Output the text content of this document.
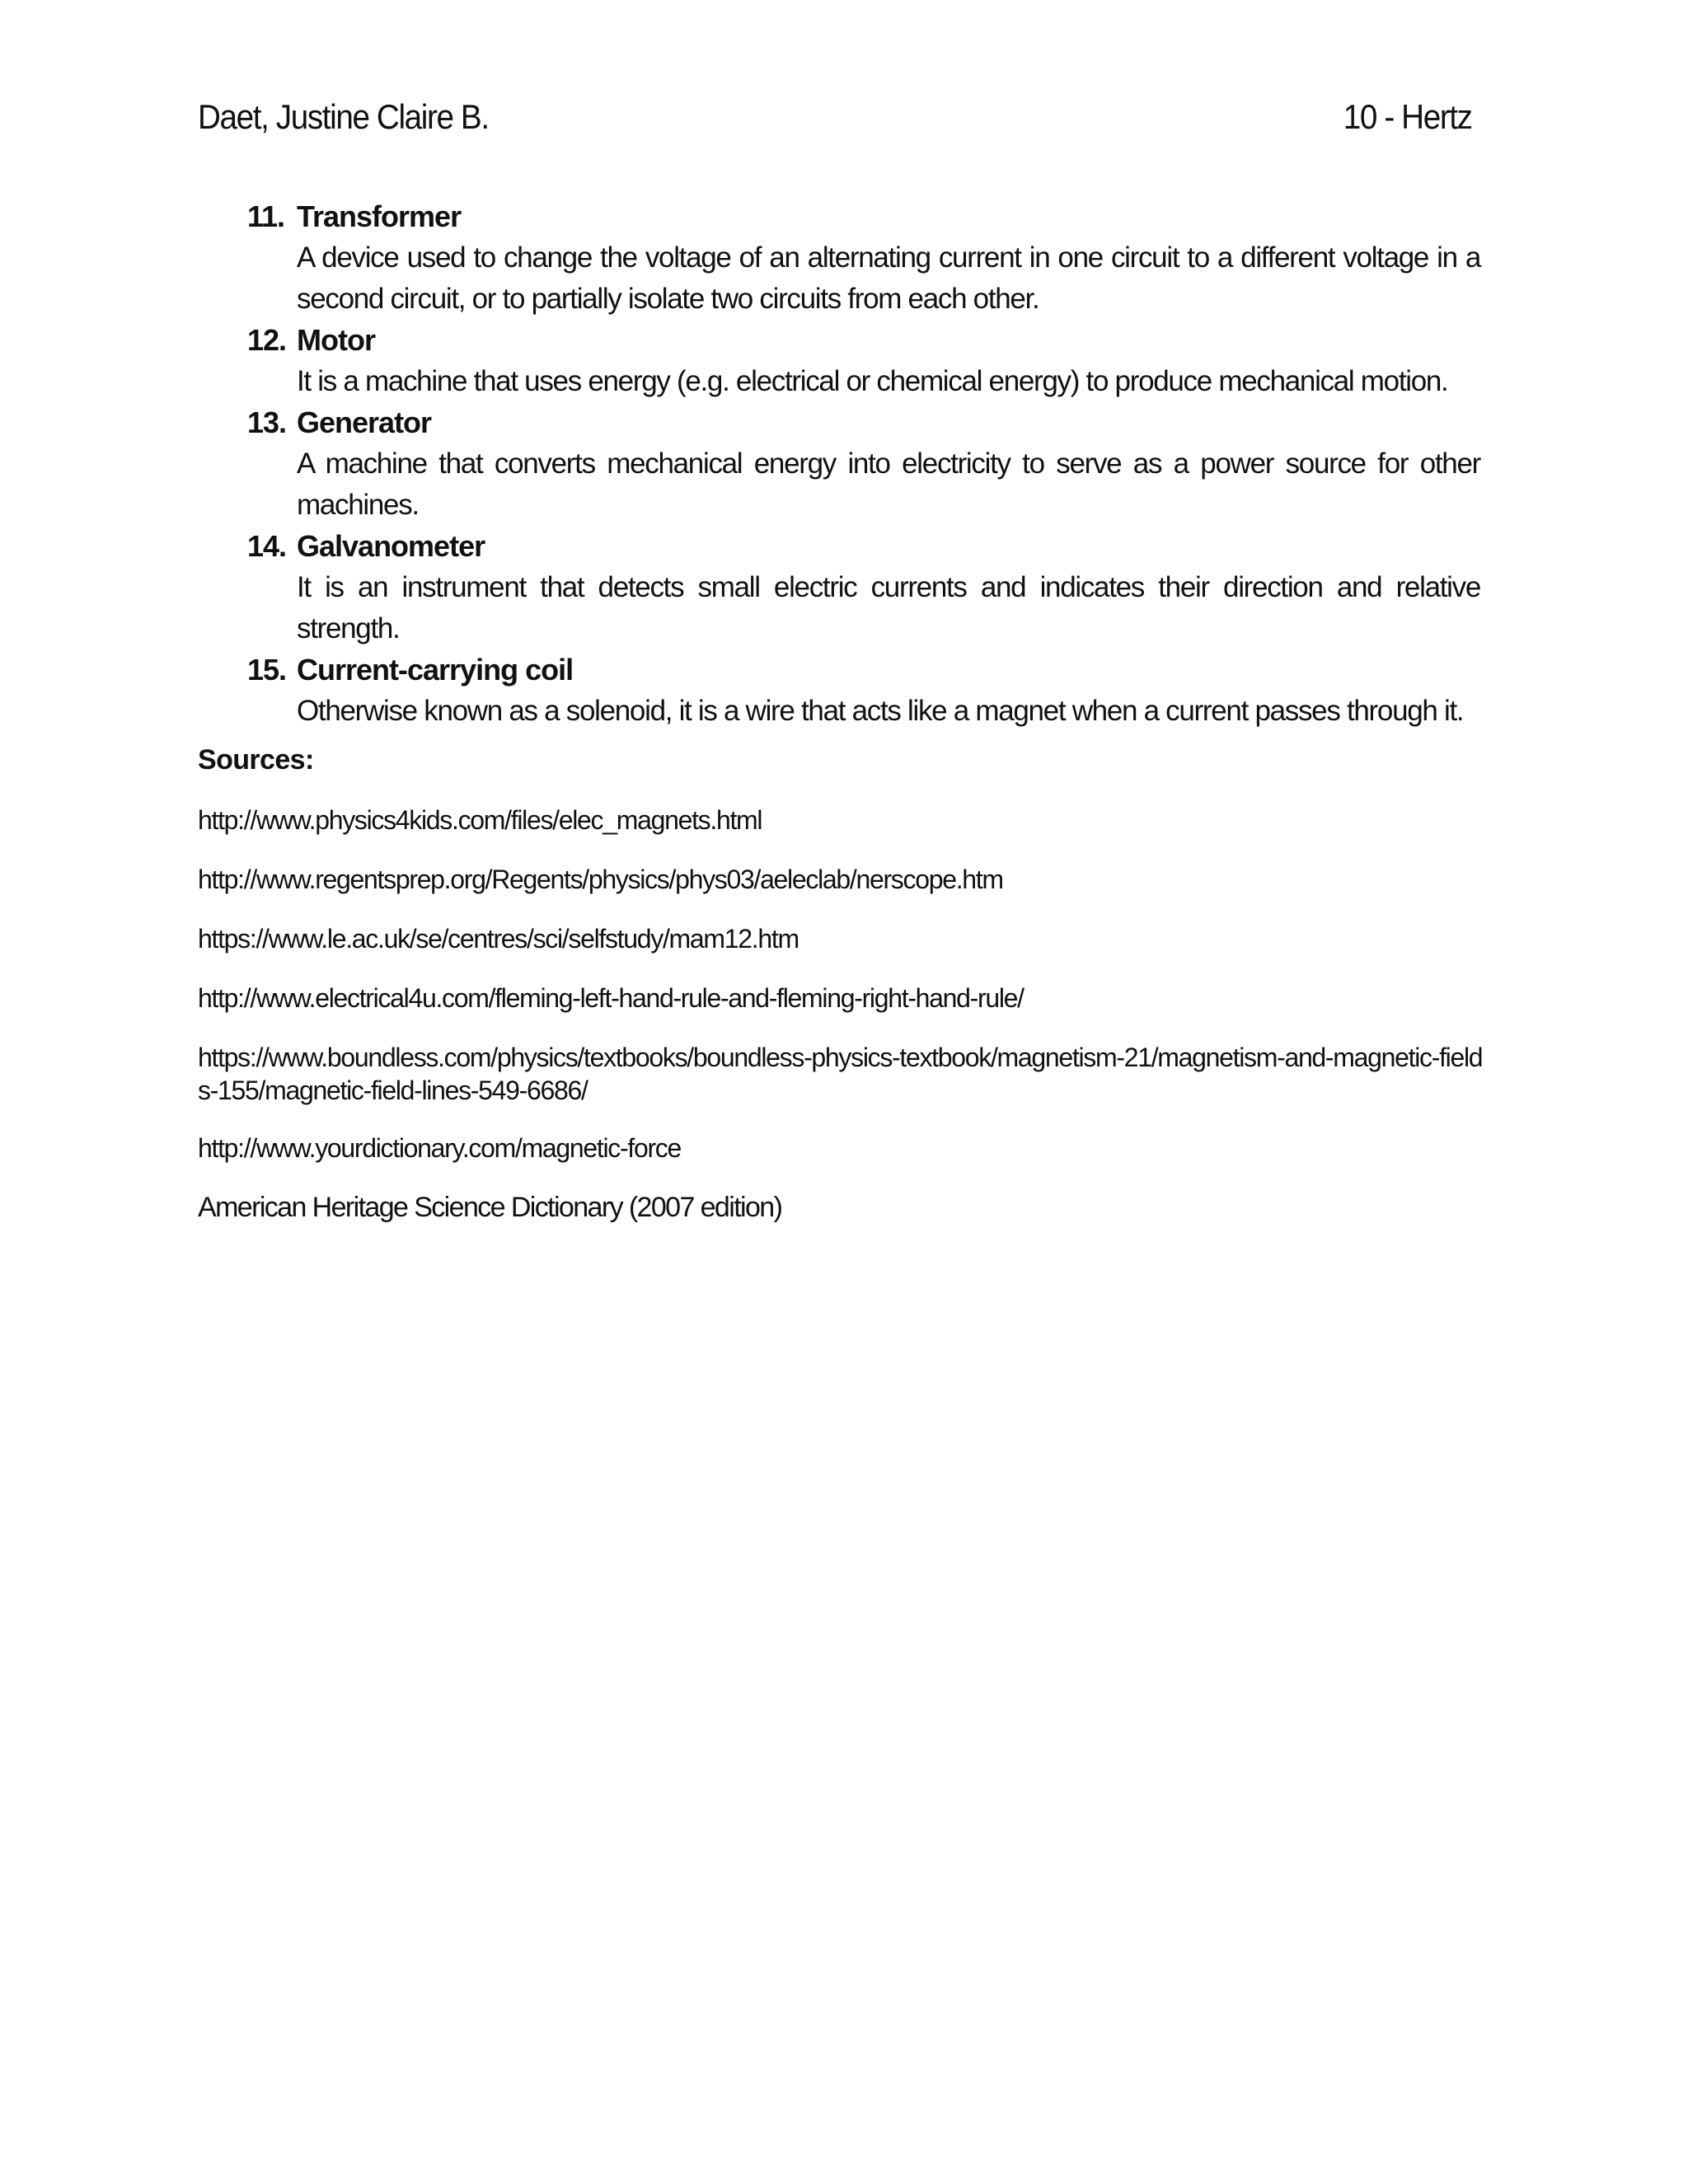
Daet, Justine Claire B.	10 - Hertz
11. Transformer
A device used to change the voltage of an alternating current in one circuit to a different voltage in a second circuit, or to partially isolate two circuits from each other.
12. Motor
It is a machine that uses energy (e.g. electrical or chemical energy) to produce mechanical motion.
13. Generator
A machine that converts mechanical energy into electricity to serve as a power source for other machines.
14. Galvanometer
It is an instrument that detects small electric currents and indicates their direction and relative strength.
15. Current-carrying coil
Otherwise known as a solenoid, it is a wire that acts like a magnet when a current passes through it.
Sources:
http://www.physics4kids.com/files/elec_magnets.html
http://www.regentsprep.org/Regents/physics/phys03/aeleclab/nerscope.htm
https://www.le.ac.uk/se/centres/sci/selfstudy/mam12.htm
http://www.electrical4u.com/fleming-left-hand-rule-and-fleming-right-hand-rule/
https://www.boundless.com/physics/textbooks/boundless-physics-textbook/magnetism-21/magnetism-and-magnetic-fields-155/magnetic-field-lines-549-6686/
http://www.yourdictionary.com/magnetic-force
American Heritage Science Dictionary (2007 edition)
